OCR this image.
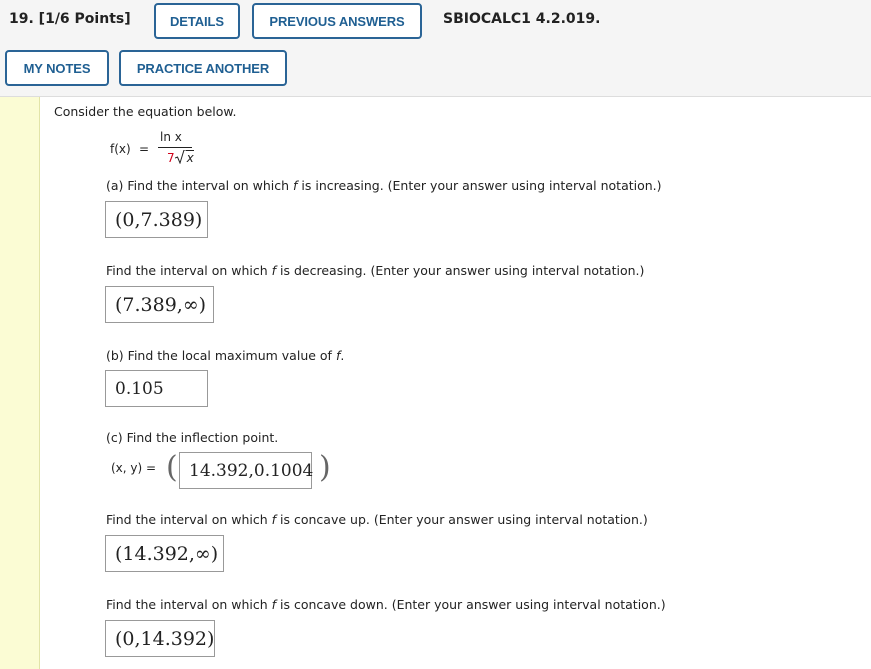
19. [1/6 Points]	DETAILS	PREVIOUS ANSWERS	SBIOCALC1 4.2.019.
MY NOTES	PRACTICE ANOTHER
Consider the equation below.
f(x) =
ln x
7 x
(a) Find the interval on which f is increasing. (Enter your answer using interval notation.)
(0,7.389)
Find the interval on which f is decreasing. (Enter your answer using interval notation.)
(7.389,∞)
(b) Find the local maximum value of f.
0.105
(c) Find the inflection point.
(x, y) = ( 14.392,0.1004 )
Find the interval on which f is concave up. (Enter your answer using interval notation.)
(14.392,∞)
Find the interval on which f is concave down. (Enter your answer using interval notation.)
(0,14.392)
